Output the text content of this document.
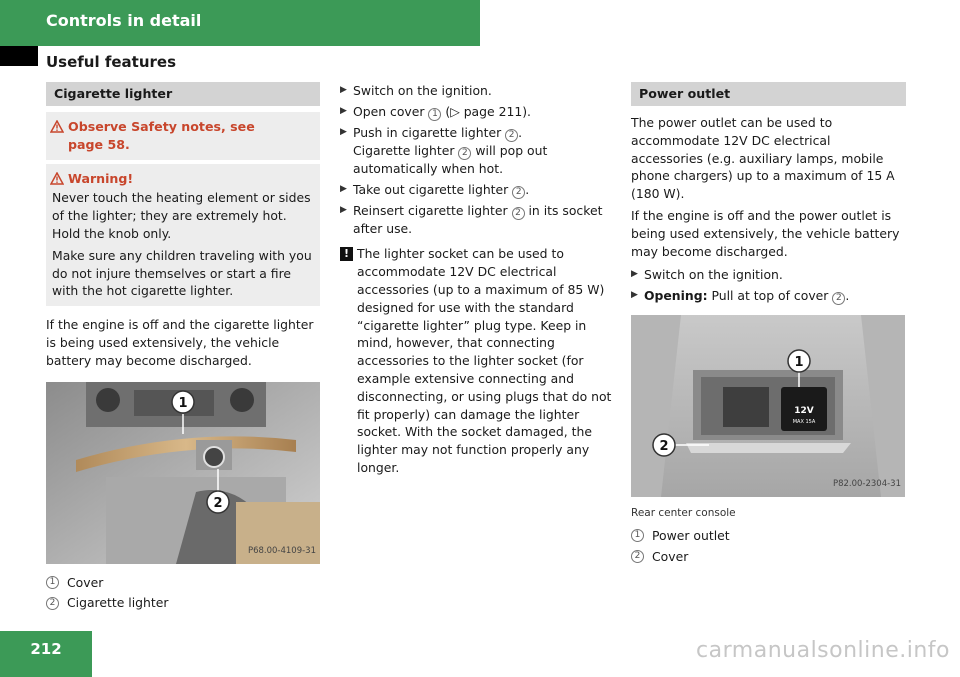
Controls in detail
Useful features
Cigarette lighter
Observe Safety notes, see
page 58.
Warning!

Never touch the heating element or sides of the lighter; they are extremely hot. Hold the knob only.

Make sure any children traveling with you do not injure themselves or start a fire with the hot cigarette lighter.

If the engine is off and the cigarette lighter is being used extensively, the vehicle battery may become discharged.

1
2
P68.00-4109-31
1 Cover
2 Cigarette lighter
▶ Switch on the ignition.
▶ Open cover 1 (▷ page 211).
▶ Push in cigarette lighter 2 .
Cigarette lighter 2 will pop out automatically when hot.
▶ Take out cigarette lighter 2 .
▶ Reinsert cigarette lighter 2 in its socket after use.
! The lighter socket can be used to accommodate 12V DC electrical accessories (up to a maximum of 85 W) designed for use with the standard “cigarette lighter” plug type. Keep in mind, however, that connecting accessories to the lighter socket (for example extensive connecting and disconnecting, or using plugs that do not fit properly) can damage the lighter socket. With the socket damaged, the lighter may not function properly any longer.
Power outlet

The power outlet can be used to accommodate 12V DC electrical accessories (e.g. auxiliary lamps, mobile phone chargers) up to a maximum of 15 A (180 W).

If the engine is off and the power outlet is being used extensively, the vehicle battery may become discharged.

▶ Switch on the ignition.
▶ Opening: Pull at top of cover 2 .
12V
MAX 15A
1
2
P82.00-2304-31
Rear center console
1 Power outlet
2 Cover
212	carmanualsonline.info
